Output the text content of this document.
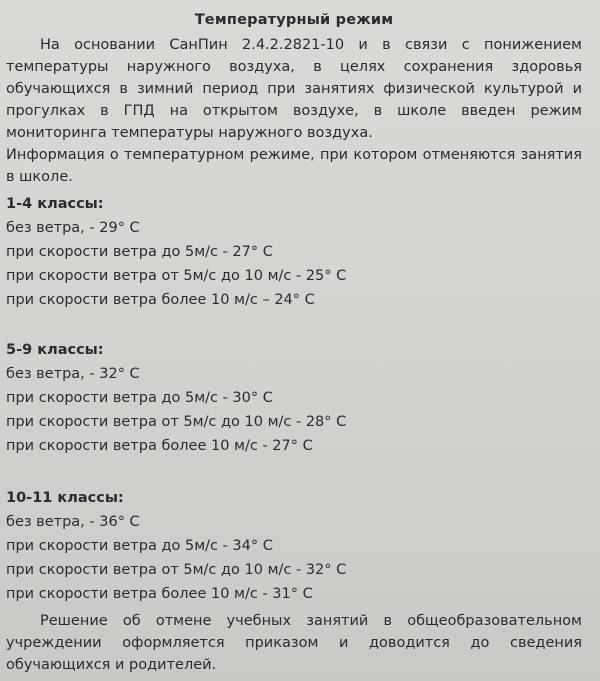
Температурный режим

На основании СанПин 2.4.2.2821-10 и в связи с понижением температуры наружного воздуха, в целях сохранения здоровья обучающихся в зимний период при занятиях физической культурой и прогулках в ГПД на открытом воздухе, в школе введен режим мониторинга температуры наружного воздуха.

Информация о температурном режиме, при котором отменяются занятия в школе.

1-4 классы:
без ветра, - 29° С
при скорости ветра до 5м/с - 27° С
при скорости ветра от 5м/с до 10 м/с - 25° С
при скорости ветра более 10 м/с – 24° С
5-9 классы:
без ветра, - 32° С
при скорости ветра до 5м/с - 30° С
при скорости ветра от 5м/с до 10 м/с - 28° С
при скорости ветра более 10 м/с - 27° С
10-11 классы:
без ветра, - 36° С
при скорости ветра до 5м/с - 34° С
при скорости ветра от 5м/с до 10 м/с - 32° С
при скорости ветра более 10 м/с - 31° С

Решение об отмене учебных занятий в общеобразовательном учреждении оформляется приказом и доводится до сведения обучающихся и родителей.
